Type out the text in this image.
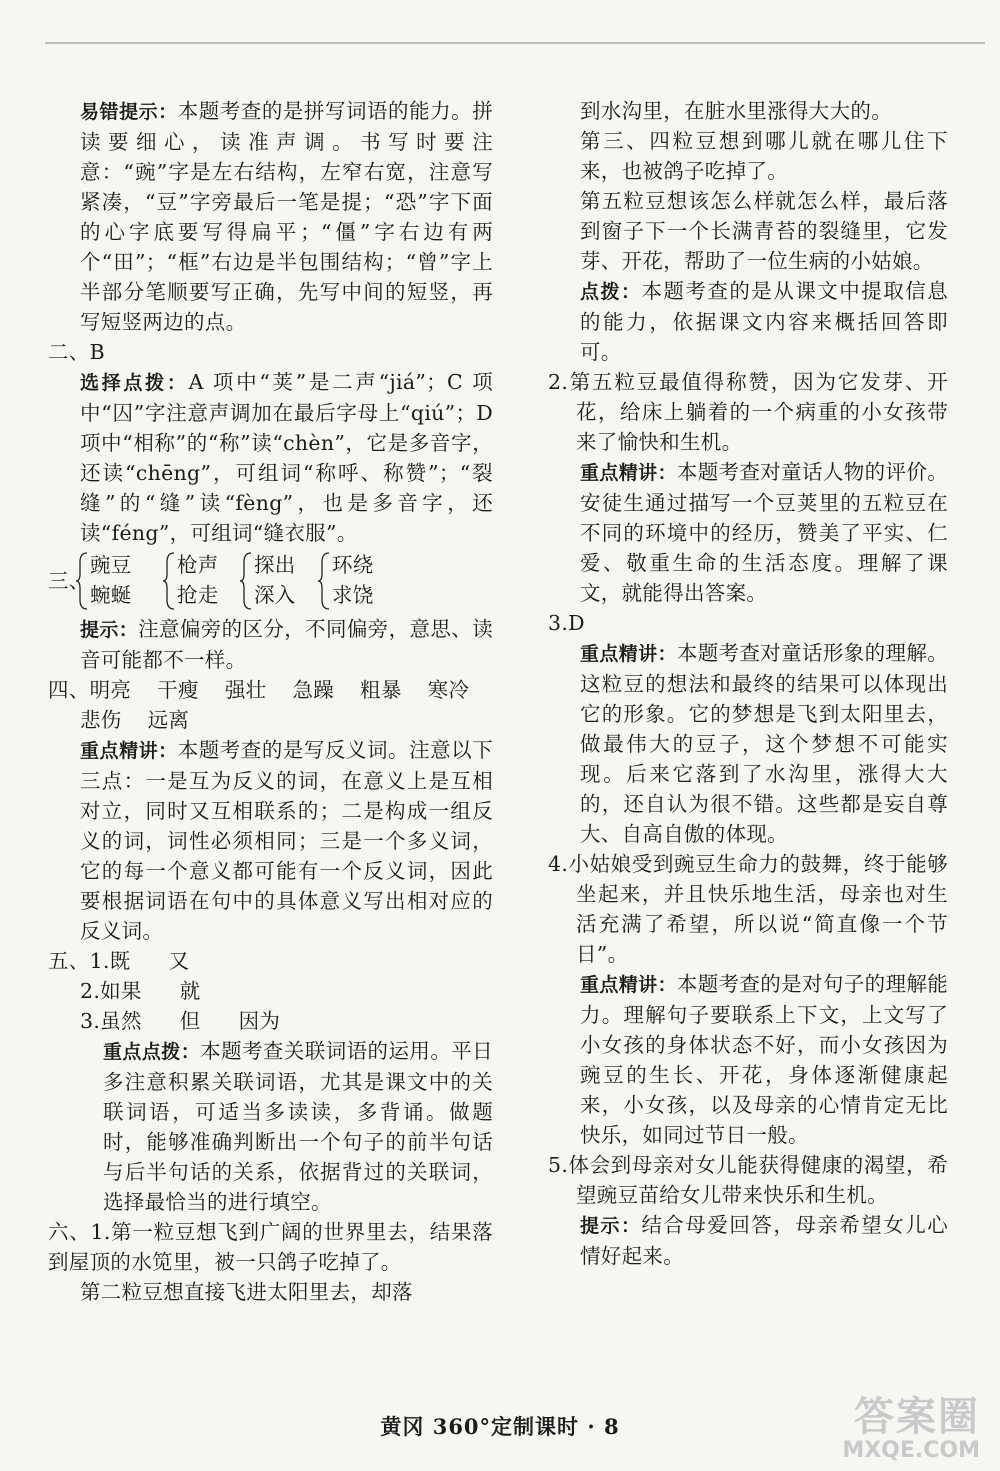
易错提示：本题考查的是拼写词语的能力。拼读要细心，读准声调。书写时要注意：“豌”字是左右结构，左窄右宽，注意写紧凑，“豆”字旁最后一笔是提；“恐”字下面的心字底要写得扁平；“僵”字右边有两个“田”；“框”右边是半包围结构；“曾”字上半部分笔顺要写正确，先写中间的短竖，再写短竖两边的点。

二、B

选择点拨：A 项中“荚”是二声“jiá”；C 项中“囚”字注意声调加在最后字母上“qiú”；D 项中“相称”的“称”读“chèn”，它是多音字，还读“chēng”，可组词“称呼、称赞”；“裂缝”的“缝”读“fèng”，也是多音字，还读“féng”，可组词“缝衣服”。

三、
豌豆
蜿蜒
枪声
抢走
探出
深入
环绕
求饶

提示：注意偏旁的区分，不同偏旁，意思、读音可能都不一样。

四、明亮 干瘦 强壮 急躁 粗暴 寒冷

悲伤 远离

重点精讲：本题考查的是写反义词。注意以下三点：一是互为反义的词，在意义上是互相对立，同时又互相联系的；二是构成一组反义的词，词性必须相同；三是一个多义词，它的每一个意义都可能有一个反义词，因此要根据词语在句中的具体意义写出相对应的反义词。

五、1.既 又

2.如果 就

3.虽然 但 因为

重点点拨：本题考查关联词语的运用。平日多注意积累关联词语，尤其是课文中的关联词语，可适当多读读，多背诵。做题时，能够准确判断出一个句子的前半句话与后半句话的关系，依据背过的关联词，选择最恰当的进行填空。

六、1.第一粒豆想飞到广阔的世界里去，结果落到屋顶的水笕里，被一只鸽子吃掉了。

第二粒豆想直接飞进太阳里去，却落

到水沟里，在脏水里涨得大大的。

第三、四粒豆想到哪儿就在哪儿住下来，也被鸽子吃掉了。

第五粒豆想该怎么样就怎么样，最后落到窗子下一个长满青苔的裂缝里，它发芽、开花，帮助了一位生病的小姑娘。

点拨：本题考查的是从课文中提取信息的能力，依据课文内容来概括回答即可。

2.第五粒豆最值得称赞，因为它发芽、开花，给床上躺着的一个病重的小女孩带来了愉快和生机。

重点精讲：本题考查对童话人物的评价。安徒生通过描写一个豆荚里的五粒豆在不同的环境中的经历，赞美了平实、仁爱、敬重生命的生活态度。理解了课文，就能得出答案。

3.D

重点精讲：本题考查对童话形象的理解。这粒豆的想法和最终的结果可以体现出它的形象。它的梦想是飞到太阳里去，做最伟大的豆子，这个梦想不可能实现。后来它落到了水沟里，涨得大大的，还自认为很不错。这些都是妄自尊大、自高自傲的体现。

4.小姑娘受到豌豆生命力的鼓舞，终于能够坐起来，并且快乐地生活，母亲也对生活充满了希望，所以说“简直像一个节日”。

重点精讲：本题考查的是对句子的理解能力。理解句子要联系上下文，上文写了小女孩的身体状态不好，而小女孩因为豌豆的生长、开花，身体逐渐健康起来，小女孩，以及母亲的心情肯定无比快乐，如同过节日一般。

5.体会到母亲对女儿能获得健康的渴望，希望豌豆苗给女儿带来快乐和生机。

提示：结合母爱回答，母亲希望女儿心情好起来。

黄冈 360°定制课时 · 8	答案圈
MXQE.COM
